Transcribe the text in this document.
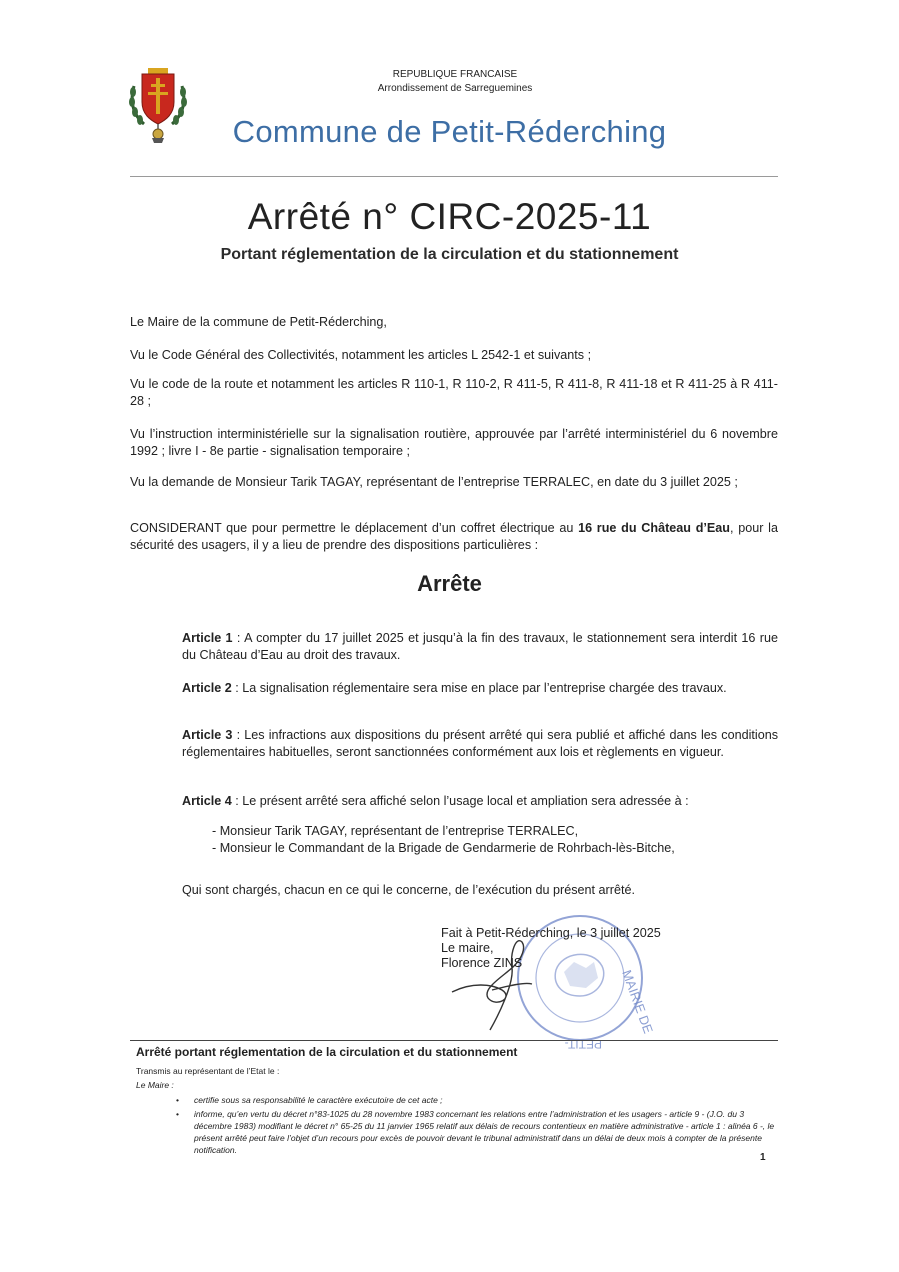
REPUBLIQUE FRANCAISE
Arrondissement de Sarreguemines
Commune de Petit-Réderching
Arrêté n° CIRC-2025-11
Portant réglementation de la circulation et du stationnement

Le Maire de la commune de Petit-Réderching,

Vu le Code Général des Collectivités, notamment les articles L 2542-1 et suivants ;

Vu le code de la route et notamment les articles R 110-1, R 110-2, R 411-5, R 411-8, R 411-18 et R 411-25 à R 411-28 ;

Vu l’instruction interministérielle sur la signalisation routière, approuvée par l’arrêté interministériel du 6 novembre 1992 ; livre I - 8e partie - signalisation temporaire ;

Vu la demande de Monsieur Tarik TAGAY, représentant de l’entreprise TERRALEC, en date du 3 juillet 2025 ;

CONSIDERANT que pour permettre le déplacement d’un coffret électrique au 16 rue du Château d’Eau, pour la sécurité des usagers, il y a lieu de prendre des dispositions particulières :

Arrête

Article 1 : A compter du 17 juillet 2025 et jusqu’à la fin des travaux, le stationnement sera interdit 16 rue du Château d’Eau au droit des travaux.

Article 2 : La signalisation réglementaire sera mise en place par l’entreprise chargée des travaux.

Article 3 : Les infractions aux dispositions du présent arrêté qui sera publié et affiché dans les conditions réglementaires habituelles, seront sanctionnées conformément aux lois et règlements en vigueur.

Article 4 : Le présent arrêté sera affiché selon l’usage local et ampliation sera adressée à :

- Monsieur Tarik TAGAY, représentant de l’entreprise TERRALEC,
- Monsieur le Commandant de la Brigade de Gendarmerie de Rohrbach-lès-Bitche,
Qui sont chargés, chacun en ce qui le concerne, de l’exécution du présent arrêté.
MAIRIE DE
PETIT-
Fait à Petit-Réderching, le 3 juillet 2025
Le maire,
Florence ZINS
Arrêté portant réglementation de la circulation et du stationnement
Transmis au représentant de l’Etat le :
Le Maire :
•	certifie sous sa responsabilité le caractère exécutoire de cet acte ;
•	informe, qu’en vertu du décret n°83-1025 du 28 novembre 1983 concernant les relations entre l’administration et les usagers - article 9 - (J.O. du 3 décembre 1983) modifiant le décret n° 65-25 du 11 janvier 1965 relatif aux délais de recours contentieux en matière administrative - article 1 : alinéa 6 -, le présent arrêté peut faire l’objet d’un recours pour excès de pouvoir devant le tribunal administratif dans un délai de deux mois à compter de la présente notification.
1
